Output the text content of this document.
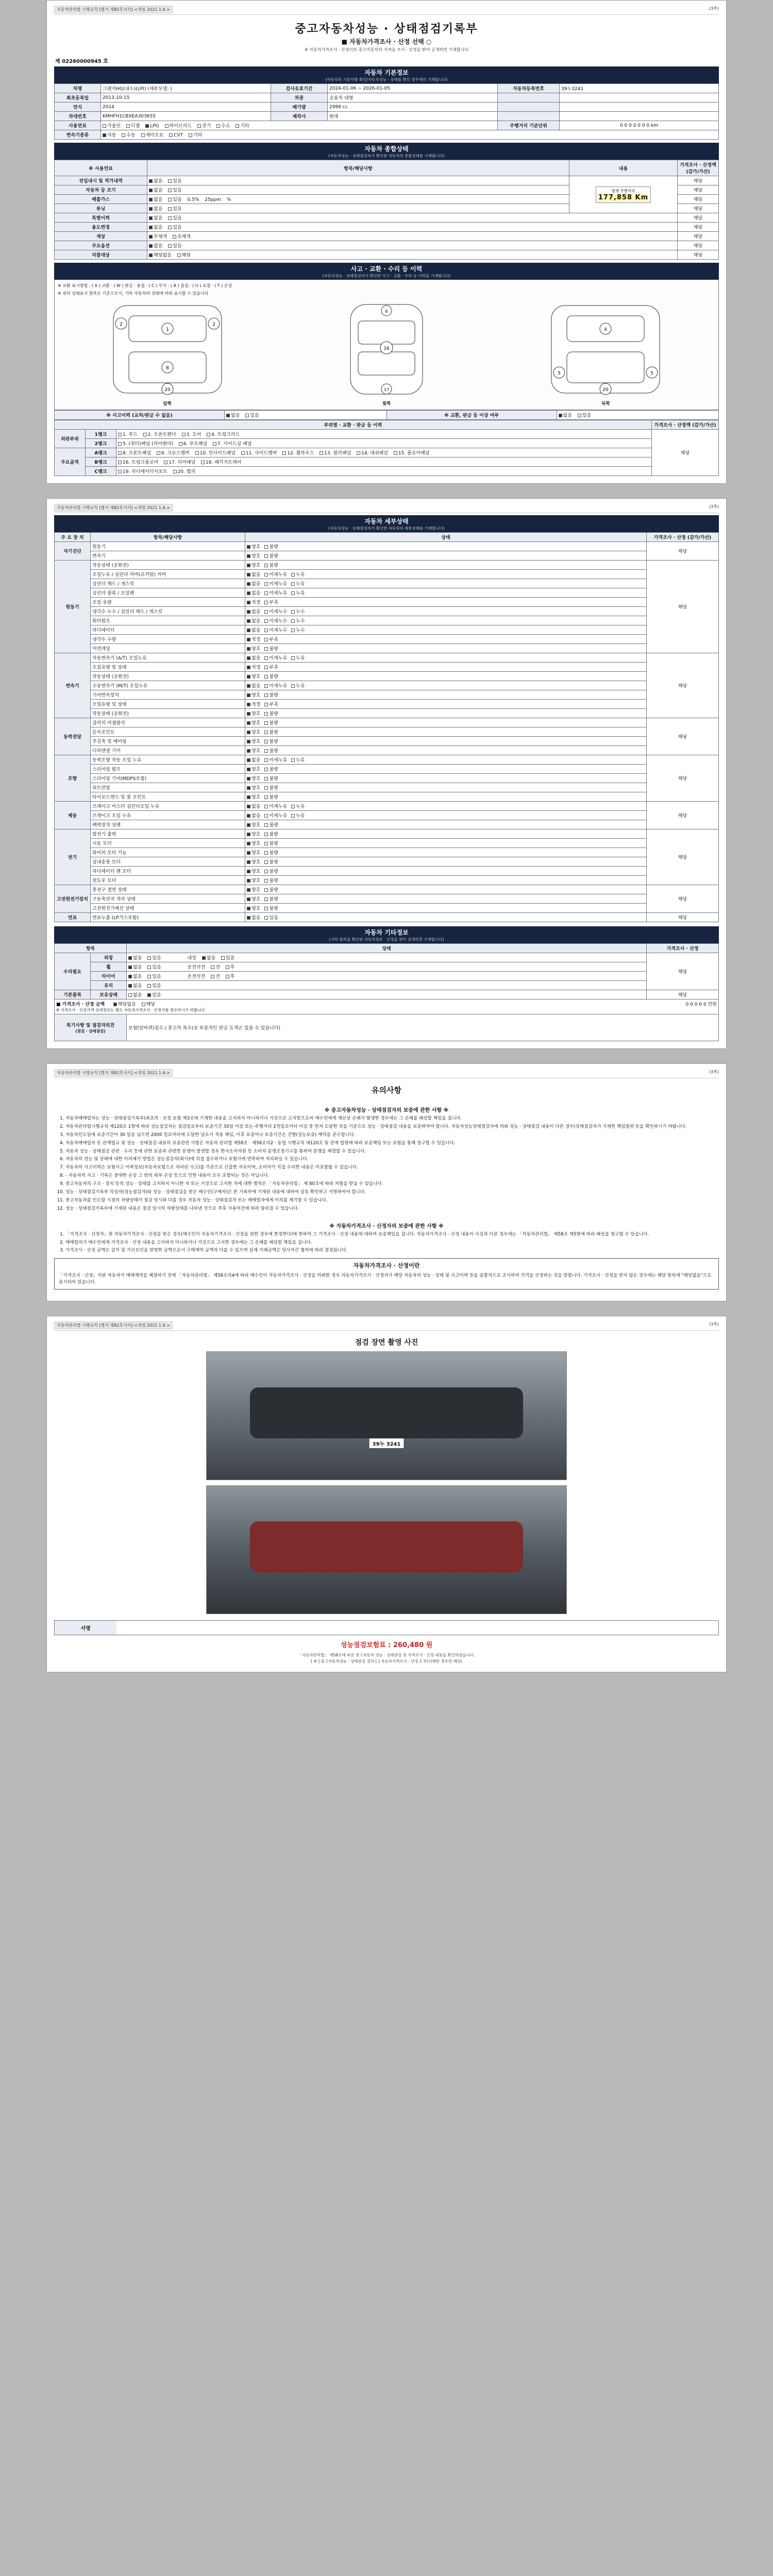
자동차관리법 시행규칙 [별지 제82호서식] <개정 2021.1.6.>	(3쪽)
중고자동차성능 · 상태점검기록부
■ 자동차가격조사 · 산정 선택 ○
※ 자동차가격조사 · 산정이란 중고자동차의 가격을 조사 · 산정을 받아 공개하면 기재합니다
제 02260000945 호
자동차 기본정보
(자동차의 기본사항 확인/자동차성능 · 상태를 확인 경우에만 기재합니다)
차명	그랜저HG(내수)(LPI) (세부모델: )	검사유효기간	2024-01-06 ~ 2026-01-05	자동차등록번호	39누3241
최초등록일	2013-10-15	차종	승용차 대형		
연식	2014	배기량	2999 cc		
차대번호	KMHFH1CBXEA303655	제작사	현대		
사용연료	가솔린 디젤 LPG 하이브리드 전기 수소 기타			주행거리 기준단위	0 0 0 0 0 0 0 km
변속기종류	자동 수동 세미오토 CVT 기타				
자동차 종합상태
(자동차성능 · 상태점검자가 확인한 자동차의 종합상태를 기재합니다)
※ 사용연료	항목/해당사항	내용	가격조사 · 산정액 (감가/가산)
전입내시 및 적가내역	없음 있음	현재 주행거리
177,858 Km	해당
자동차 등 조기	없음 있음		해당
배출가스	없음 있음 0.5% 25ppm %		해당
튜닝	없음 있음		해당
특별이력	없음 있음		해당
용도변경	없음 있음		해당
색상	무채색 유채색		해당
주요옵션	없음 있음		해당
리콜대상	해당없음 해당		해당
사고 · 교환 · 수리 등 이력
(자동차성능 · 상태점검자가 확인한 사고 · 교환 · 수리 등 이력을 기재합니다)
※ 교환 표시방법 : ( X ) 교환 · ( W ) 판금 · 용접 · ( C ) 부식 · ( A ) 흠집 · ( U ) 요철 · ( T ) 손상
※ 위의 상태표시 항목은 기준으로서, 기타 자동차의 상태에 따라 표시할 수 있습니다
2	2
1
8
20
16
6
17
5	5
4
20
앞쪽	윗쪽	뒤쪽
※ 사고이력 (교차/판금 수 없음)	없음 있음	※ 교환, 판금 등 이상 여부	없음 있음
부위별 · 교환 · 판금 등 이력			가격조사 · 산정액 (감가/가산)
외판부위	1랭크	1. 후드 2. 프론트펜더 3. 도어 4. 트렁크리드	해당
	2랭크	5. (쿼터)패널 (리어펜더) 6. 루프패널 7. 사이드실 패널	
주요골격	A랭크	8. 프론트패널 9. 크로스멤버 10. 인사이드패널 11. 사이드멤버 12. 휠하우스 13. 필러패널 14. 대쉬패널 15. 플로어패널	
	B랭크	16. 트렁크플로어 17. 리어패널 18. 패키지트레이	
	C랭크	19. 라디에이터서포트 20. 범퍼	
자동차관리법 시행규칙 [별지 제82호서식] <개정 2021.1.6.>	(3쪽)
자동차 세부상태
(자동차성능 · 상태점검자가 확인한 자동차의 세부상태를 기재합니다)
주 요 장 치	항목/해당사항	상태	가격조사 · 산정 (감가/가산)
자기진단	원동기	양호 불량	해당
	변속기	양호 불량	
원동기	작동상태 (공회전)	양호 불량	해당
	오일누유 / 실린더 커버(로커암) 커버	없음 미세누유 누유	
	실린더 헤드 / 개스킷	없음 미세누유 누유	
	실린더 블록 / 오일팬	없음 미세누유 누유	
	오일 유량	적정 부족	
	냉각수 누수 / 실린더 헤드 / 개스킷	없음 미세누수 누수	
	워터펌프	없음 미세누수 누수	
	라디에이터	없음 미세누수 누수	
	냉각수 수량	적정 부족	
	커먼레일	양호 불량	
변속기	자동변속기 (A/T) 오일누유	없음 미세누유 누유	해당
	오일유량 및 상태	적정 부족	
	작동상태 (공회전)	양호 불량	
	수동변속기 (M/T) 오일누유	없음 미세누유 누유	
	기어변속장치	양호 불량	
	오일유량 및 상태	적정 부족	
	작동상태 (공회전)	양호 불량	
동력전달	클러치 어셈블리	양호 불량	해당
	등속조인트	양호 불량	
	추진축 및 베어링	양호 불량	
	디퍼렌셜 기어	양호 불량	
조향	동력조향 작동 오일 누유	없음 미세누유 누유	해당
	스티어링 펌프	양호 불량	
	스티어링 기어(MDPS포함)	양호 불량	
	피트먼암	양호 불량	
	타이로드엔드 및 볼 조인트	양호 불량	
제동	브레이크 마스터 실린더오일 누유	없음 미세누유 누유	해당
	브레이크 오일 누유	없음 미세누유 누유	
	배력장치 상태	양호 불량	
전기	발전기 출력	양호 불량	해당
	시동 모터	양호 불량	
	와이퍼 모터 기능	양호 불량	
	실내송풍 모터	양호 불량	
	라디에이터 팬 모터	양호 불량	
	윈도우 모터	양호 불량	
고전원전기장치	충전구 절연 상태	양호 불량	해당
	구동축전지 격리 상태	양호 불량	
	고전원전기배선 상태	양호 불량	
연료	연료누출 (LP가스포함)	없음 있음	해당
자동차 기타정보
(기타 항목을 확인한 자동차정보 · 산정을 받아 공개하면 기재합니다)
항목		상태	가격조사 · 산정
수리필요	외장	없음 있음 내장 없음 있음	해당
	휠	없음 있음 운전석전 전 후	
	타이어	없음 있음 운전석전 전 후	
	유리	없음 있음	
기본품목	보유상태	없음 있음	해당

■ 가격조사 · 산정 금액 해당없음 해당 0 0 0 0 0 만원
※ 가격조사 · 산정가격 상세정보는 별도 자동차가격조사 · 산정서를 참조하시기 바랍니다			

특기사항 및 점검자의견
(점검 · 상태점검)		보험(앞바퀴)침수 / 중고차 특수(공 부분적인 판금 도색은 있을 수 있습니다)	
자동차관리법 시행규칙 [별지 제82호서식] <개정 2021.1.6.>	(3쪽)
유의사항
※ 중고자동차성능 · 상태점검자의 보증에 관한 사항 ※
1. 자동차매매업자는 성능 · 상태점검기록부(최초의 · 산정 보험 제3조에 기재한 내용을 고지하지 아니하거나 거짓으로 고지함으로써 매수인에게 재산상 손해가 발생한 경우에는 그 손해를 배상할 책임을 집니다.
2. 자동차관리법시행규칙 제120조 1항에 따라 성능점검자는 점검일로부터 보증기간 30일 이상 또는 주행거리 2천킬로미터 이상 중 먼저 도달한 것을 기준으로 성능 · 상태점검 내용을 보증하여야 합니다. 자동차성능상태점검자에 의뢰 성능 · 상태점검 내용이 다른 경우(상태점검자가 기재한 책임범위 등을 확인하시기 바랍니다.
3. 자동차인도일에 보증기간이 30 일을 넘으면 2000 킬로미터에 도달한 날로서 적용 책임, 이후 보증이나 보증기간은 건별(성능보증) 계약을 준수합니다.
4. 자동차매매업자 등 관계법규 및 성능 · 상태점검 내용의 보증관련 사항은 자동차 관리법 제58조 · 제58조의2 · 동법 시행규칙 제120조 및 관계 법령에 따라 보증책임 또는 보험을 통해 청구할 수 있습니다.
5. 자동차 성능 · 상태점검 관련 · 수리 등에 관한 보증과 관련한 분쟁이 발생할 경우 한국소비자원 등 소비자 분쟁조정기구를 통하여 분쟁을 해결할 수 있습니다.
6. 자동차의 성능 및 상태에 대한 이의제기 방법은 성능점검자(회사)에 직접 접수하거나 보험사에 연락하여 처리하실 수 있습니다.
7. 자동차의 사고이력은 보험사고 이력정보(자동차보험으로 처리된 사고)를 기준으로 산출한 자료이며, 소비자가 직접 수리한 내용은 미포함될 수 있습니다.
8. - 자동차의 사고 · 기록은 중대한 손상 그 밖의 외부 손상 등으로 인한 내용이 모두 포함되는 것은 아닙니다.
9. 중고자동차의 구조 · 장치 등의 성능 · 상태를 고지하지 아니한 자 또는 거짓으로 고지한 자에 대한 벌칙은 「자동차관리법」 제 80조에 따라 처벌을 받을 수 있습니다.
10. 성능 · 상태점검기록부 작성자(성능점검자)와 성능 · 상태점검을 받은 매수인(구매자)은 본 기록부에 기재된 내용에 대하여 상호 확인하고 서명하여야 합니다.
11. 중고자동차를 인도할 시점의 차량상태가 점검 당시와 다를 경우 자동차 성능 · 상태점검자 또는 매매업자에게 이의를 제기할 수 있습니다.
12. 성능 · 상태점검기록부에 기재된 내용은 점검 당시의 차량상태를 나타낸 것으로 추후 사용여건에 따라 달라질 수 있습니다.
※ 자동차가격조사 · 산정자의 보증에 관한 사항 ※
1. 「가격조사 · 산정자」란 자동차가격조사 · 산정을 받은 경우(매수인이 자동차가격조사 · 산정을 원한 경우에 한정한다)에 한하여 그 가격조사 · 산정 내용에 대하여 보증책임을 집니다. 자동차가격조사 · 산정 내용이 사실과 다른 경우에는 「자동차관리법」 제58조 제5항에 따라 배상을 청구할 수 있습니다.
2. 매매업자가 매수인에게 가격조사 · 산정 내용을 고지하지 아니하거나 거짓으로 고지한 경우에는 그 손해를 배상할 책임을 집니다.
3. 가격조사 · 산정 금액은 감가 및 가산요인을 반영한 금액으로서 구매계약 금액과 다를 수 있으며 실제 거래금액은 당사자간 협의에 따라 결정됩니다.
자동차가격조사 · 산정이란
「가격조사 · 산정」이란 자동차가 매매계약을 체결하기 전에 「자동차관리법」 제58조의4에 따라 매수인이 자동차가격조사 · 산정을 의뢰한 경우 자동차가격조사 · 산정자가 해당 자동차의 성능 · 상태 및 사고이력 등을 종합적으로 조사하여 가격을 산정하는 것을 말합니다. 가격조사 · 산정을 받지 않은 경우에는 해당 항목에 "해당없음"으로 표시되어 있습니다.
자동차관리법 시행규칙 [별지 제82호서식] <개정 2021.1.6.>	(3쪽)
점검 장면 촬영 사진
39누 3241
서명
성능점검보험료 : 260,480 원
「자동차관리법」 제58조에 따른 중고자동차 성능 · 상태점검 및 가격조사 · 산정 내용을 확인하였습니다.
[ ※ ] 중고자동차성능 · 상태점검 결과 [ ] 자동차가격조사 · 산정 1 부(선택한 경우만 해당)
